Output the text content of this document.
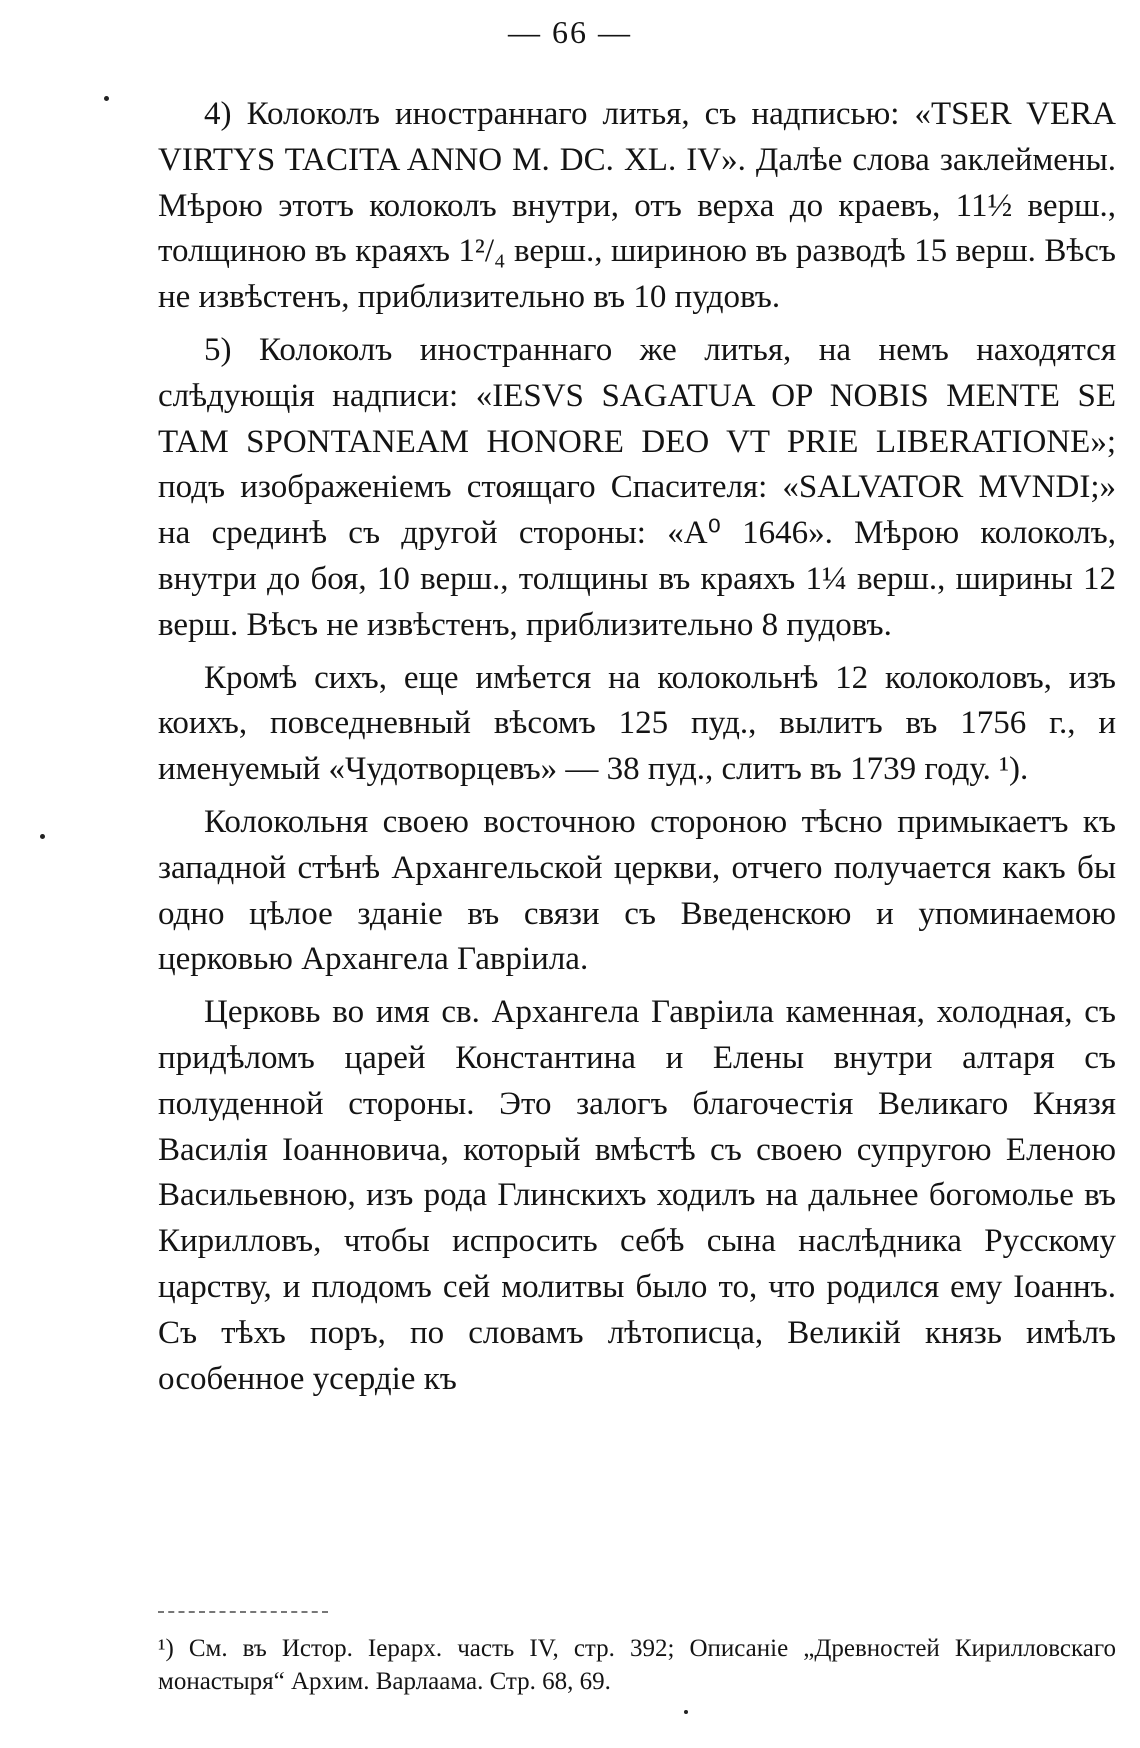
— 66 —

4) Колоколъ иностраннаго литья, съ надписью: «TSER VERA VIRTYS TACITA ANNO M. DC. XL. IV». Далѣе слова заклеймены. Мѣрою этотъ колоколъ внутри, отъ верха до краевъ, 11½ верш., толщиною въ краяхъ 1²/₄ верш., шириною въ разводѣ 15 верш. Вѣсъ не извѣстенъ, приблизительно въ 10 пудовъ.

5) Колоколъ иностраннаго же литья, на немъ находятся слѣдующія надписи: «IESVS SAGATUA OP NOBIS MENTE SE TAM SPONTANEAM HONORE DEO VT PRIE LIBERATIONE»; подъ изображеніемъ стоящаго Спасителя: «SALVATOR MVNDI;» на срединѣ съ другой стороны: «A⁰ 1646». Мѣрою колоколъ, внутри до боя, 10 верш., толщины въ краяхъ 1¼ верш., ширины 12 верш. Вѣсъ не извѣстенъ, приблизительно 8 пудовъ.

Кромѣ сихъ, еще имѣется на колокольнѣ 12 колоколовъ, изъ коихъ, повседневный вѣсомъ 125 пуд., вылитъ въ 1756 г., и именуемый «Чудотворцевъ» — 38 пуд., слитъ въ 1739 году. ¹).

Колокольня своею восточною стороною тѣсно примыкаетъ къ западной стѣнѣ Архангельской церкви, отчего получается какъ бы одно цѣлое зданіе въ связи съ Введенскою и упоминаемою церковью Архангела Гавріила.

Церковь во имя св. Архангела Гавріила каменная, холодная, съ придѣломъ царей Константина и Елены внутри алтаря съ полуденной стороны. Это залогъ благочестія Великаго Князя Василія Іоанновича, который вмѣстѣ съ своею супругою Еленою Васильевною, изъ рода Глинскихъ ходилъ на дальнее богомолье въ Кирилловъ, чтобы испросить себѣ сына наслѣдника Русскому царству, и плодомъ сей молитвы было то, что родился ему Іоаннъ. Съ тѣхъ поръ, по словамъ лѣтописца, Великій князь имѣлъ особенное усердіе къ

¹) См. въ Истор. Іерарх. часть IV, стр. 392; Описаніе „Древностей Кирилловскаго монастыря“ Архим. Варлаама. Стр. 68, 69.
